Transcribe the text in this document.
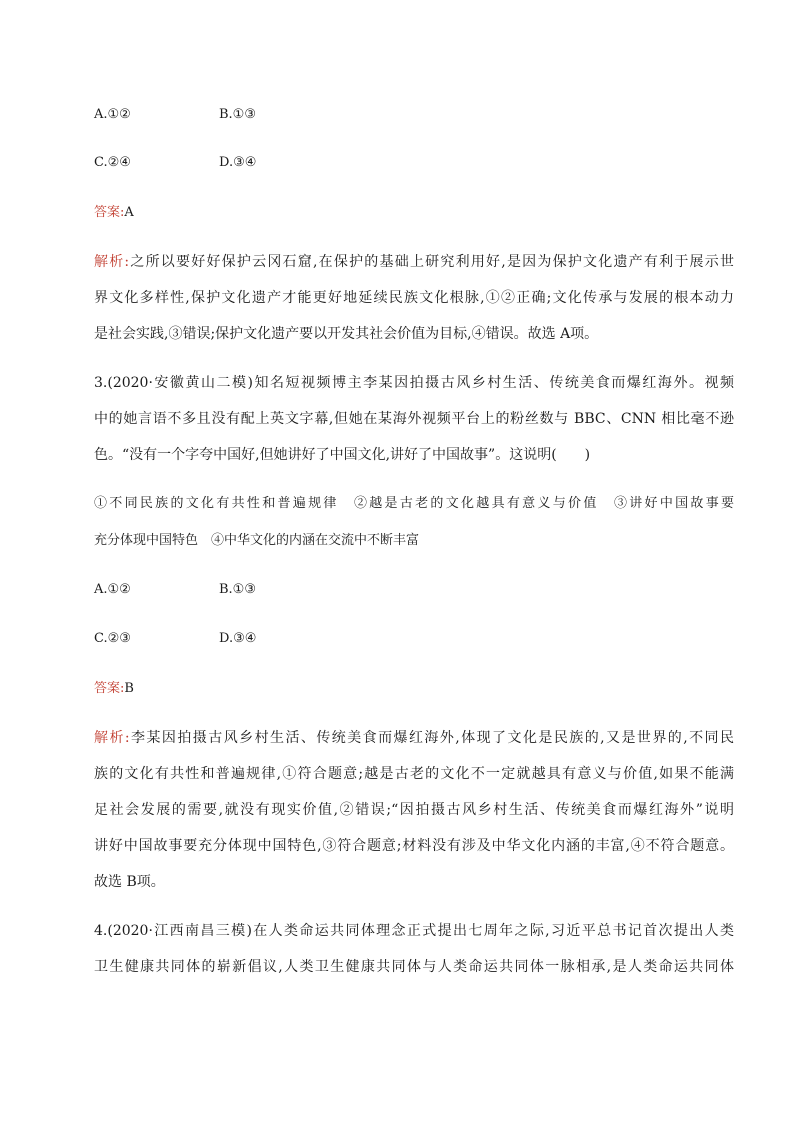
A.①②	B.①③
C.②④	D.③④
答案:A
解析:之所以要好好保护云冈石窟,在保护的基础上研究利用好,是因为保护文化遗产有利于展示世
界文化多样性,保护文化遗产才能更好地延续民族文化根脉,①②正确;文化传承与发展的根本动力
是社会实践,③错误;保护文化遗产要以开发其社会价值为目标,④错误。故选 A项。
3.(2020·安徽黄山二模)知名短视频博主李某因拍摄古风乡村生活、传统美食而爆红海外。视频
中的她言语不多且没有配上英文字幕,但她在某海外视频平台上的粉丝数与 BBC、CNN 相比毫不逊
色。“没有一个字夸中国好,但她讲好了中国文化,讲好了中国故事”。这说明(　　)
①不同民族的文化有共性和普遍规律　②越是古老的文化越具有意义与价值　③讲好中国故事要
充分体现中国特色　④中华文化的内涵在交流中不断丰富
A.①②	B.①③
C.②③	D.③④
答案:B
解析:李某因拍摄古风乡村生活、传统美食而爆红海外,体现了文化是民族的,又是世界的,不同民
族的文化有共性和普遍规律,①符合题意;越是古老的文化不一定就越具有意义与价值,如果不能满
足社会发展的需要,就没有现实价值,②错误;“因拍摄古风乡村生活、传统美食而爆红海外”说明
讲好中国故事要充分体现中国特色,③符合题意;材料没有涉及中华文化内涵的丰富,④不符合题意。
故选 B项。
4.(2020·江西南昌三模)在人类命运共同体理念正式提出七周年之际,习近平总书记首次提出人类
卫生健康共同体的崭新倡议,人类卫生健康共同体与人类命运共同体一脉相承,是人类命运共同体
